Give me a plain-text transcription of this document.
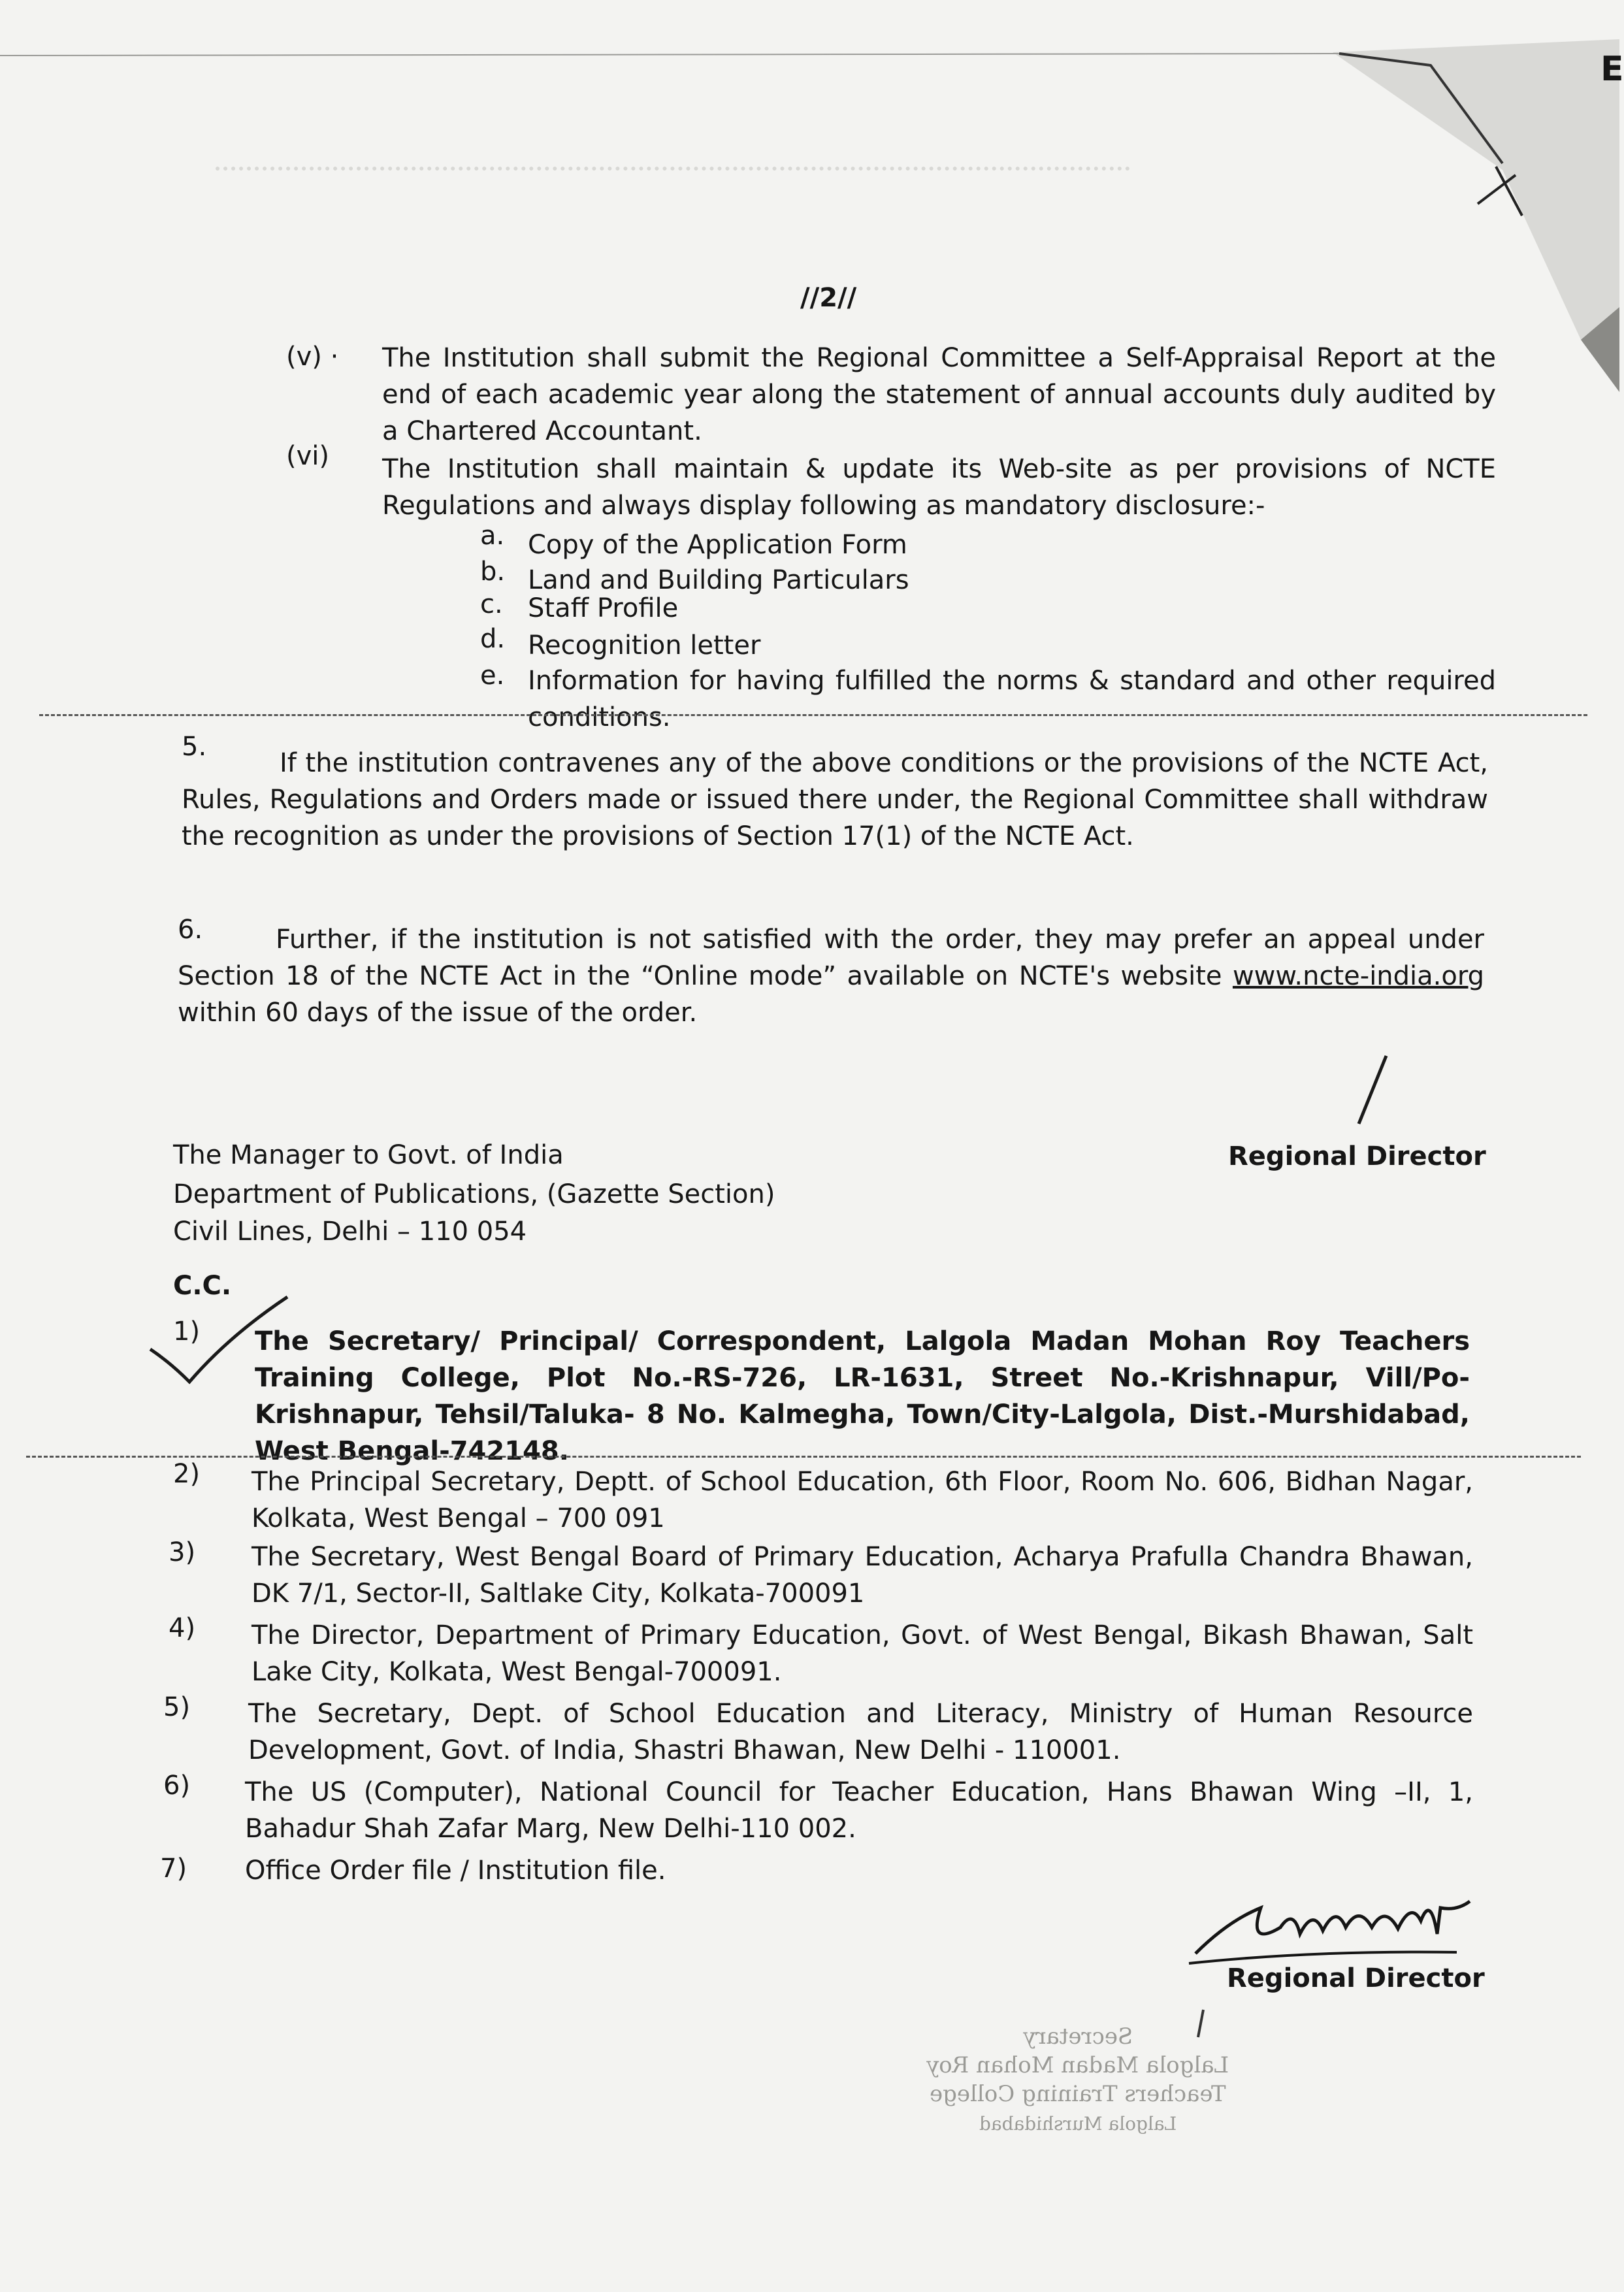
E
//2//
(v) · The Institution shall submit the Regional Committee a Self-Appraisal Report at the end of each academic year along the statement of annual accounts duly audited by a Chartered Accountant.
(vi) The Institution shall maintain & update its Web-site as per provisions of NCTE Regulations and always display following as mandatory disclosure:-
a. Copy of the Application Form
b. Land and Building Particulars
c. Staff Profile
d. Recognition letter
e. Information for having fulfilled the norms & standard and other required conditions.
5.
If the institution contravenes any of the above conditions or the provisions of the NCTE Act, Rules, Regulations and Orders made or issued there under, the Regional Committee shall withdraw the recognition as under the provisions of Section 17(1) of the NCTE Act.
6.	Further, if the institution is not satisfied with the order, they may prefer an appeal under Section 18 of the NCTE Act in the “Online mode” available on NCTE's website www.ncte-india.org within 60 days of the issue of the order.
The Manager to Govt. of India
Department of Publications, (Gazette Section)
Civil Lines, Delhi – 110 054
Regional Director
C.C.
1) The Secretary/ Principal/ Correspondent, Lalgola Madan Mohan Roy Teachers Training College, Plot No.-RS-726, LR-1631, Street No.-Krishnapur, Vill/Po-Krishnapur, Tehsil/Taluka- 8 No. Kalmegha, Town/City-Lalgola, Dist.-Murshidabad, West Bengal-742148.
2) The Principal Secretary, Deptt. of School Education, 6th Floor, Room No. 606, Bidhan Nagar, Kolkata, West Bengal – 700 091
3) The Secretary, West Bengal Board of Primary Education, Acharya Prafulla Chandra Bhawan, DK 7/1, Sector-II, Saltlake City, Kolkata-700091
4) The Director, Department of Primary Education, Govt. of West Bengal, Bikash Bhawan, Salt Lake City, Kolkata, West Bengal-700091.
5) The Secretary, Dept. of School Education and Literacy, Ministry of Human Resource Development, Govt. of India, Shastri Bhawan, New Delhi - 110001.
6) The US (Computer), National Council for Teacher Education, Hans Bhawan Wing –II, 1, Bahadur Shah Zafar Marg, New Delhi-110 002.
7) Office Order file / Institution file.
Regional Director
Secretary
Lalgola Madan Mohan Roy
Teachers Training College
Lalgola Murshidabad
